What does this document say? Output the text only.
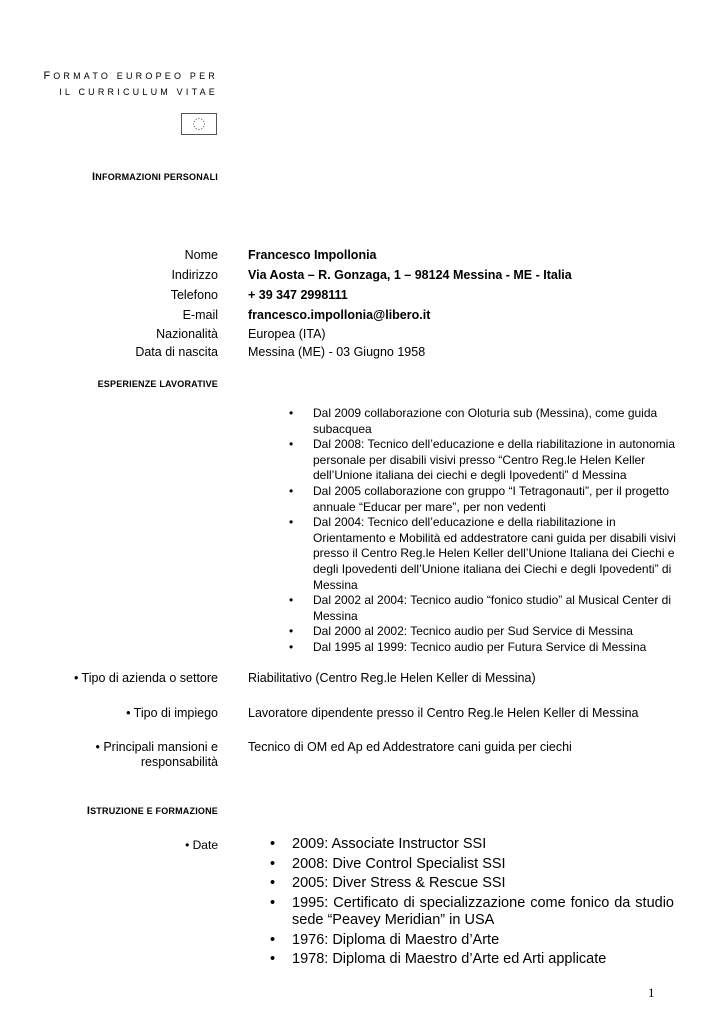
FORMATO EUROPEO PER
IL CURRICULUM VITAE
INFORMAZIONI PERSONALI
Nome Francesco Impollonia
Indirizzo Via Aosta – R. Gonzaga, 1 – 98124 Messina - ME - Italia
Telefono + 39 347 2998111
E-mail francesco.impollonia@libero.it
Nazionalità Europea (ITA)
Data di nascita Messina (ME) - 03 Giugno 1958
ESPERIENZE LAVORATIVE
• Dal 2009 collaborazione con Oloturia sub (Messina), come guida subacquea
• Dal 2008: Tecnico dell’educazione e della riabilitazione in autonomia personale per disabili visivi presso “Centro Reg.le Helen Keller dell’Unione italiana dei ciechi e degli Ipovedenti” d Messina
• Dal 2005 collaborazione con gruppo “I Tetragonauti”, per il progetto annuale “Educar per mare”, per non vedenti
• Dal 2004: Tecnico dell’educazione e della riabilitazione in Orientamento e Mobilità ed addestratore cani guida per disabili visivi presso il Centro Reg.le Helen Keller dell’Unione Italiana dei Ciechi e degli Ipovedenti dell’Unione italiana dei Ciechi e degli Ipovedenti” di Messina
• Dal 2002 al 2004: Tecnico audio “fonico studio” al Musical Center di Messina
• Dal 2000 al 2002: Tecnico audio per Sud Service di Messina
• Dal 1995 al 1999: Tecnico audio per Futura Service di Messina
• Tipo di azienda o settore Riabilitativo (Centro Reg.le Helen Keller di Messina)
• Tipo di impiego Lavoratore dipendente presso il Centro Reg.le Helen Keller di Messina
• Principali mansioni e
responsabilità
Tecnico di OM ed Ap ed Addestratore cani guida per ciechi
ISTRUZIONE E FORMAZIONE
• Date
•	2009: Associate Instructor SSI
• 2008: Dive Control Specialist SSI
• 2005: Diver Stress & Rescue SSI
• 1995: Certificato di specializzazione come fonico da studio sede “Peavey Meridian” in USA
• 1976: Diploma di Maestro d’Arte
• 1978: Diploma di Maestro d’Arte ed Arti applicate
1
